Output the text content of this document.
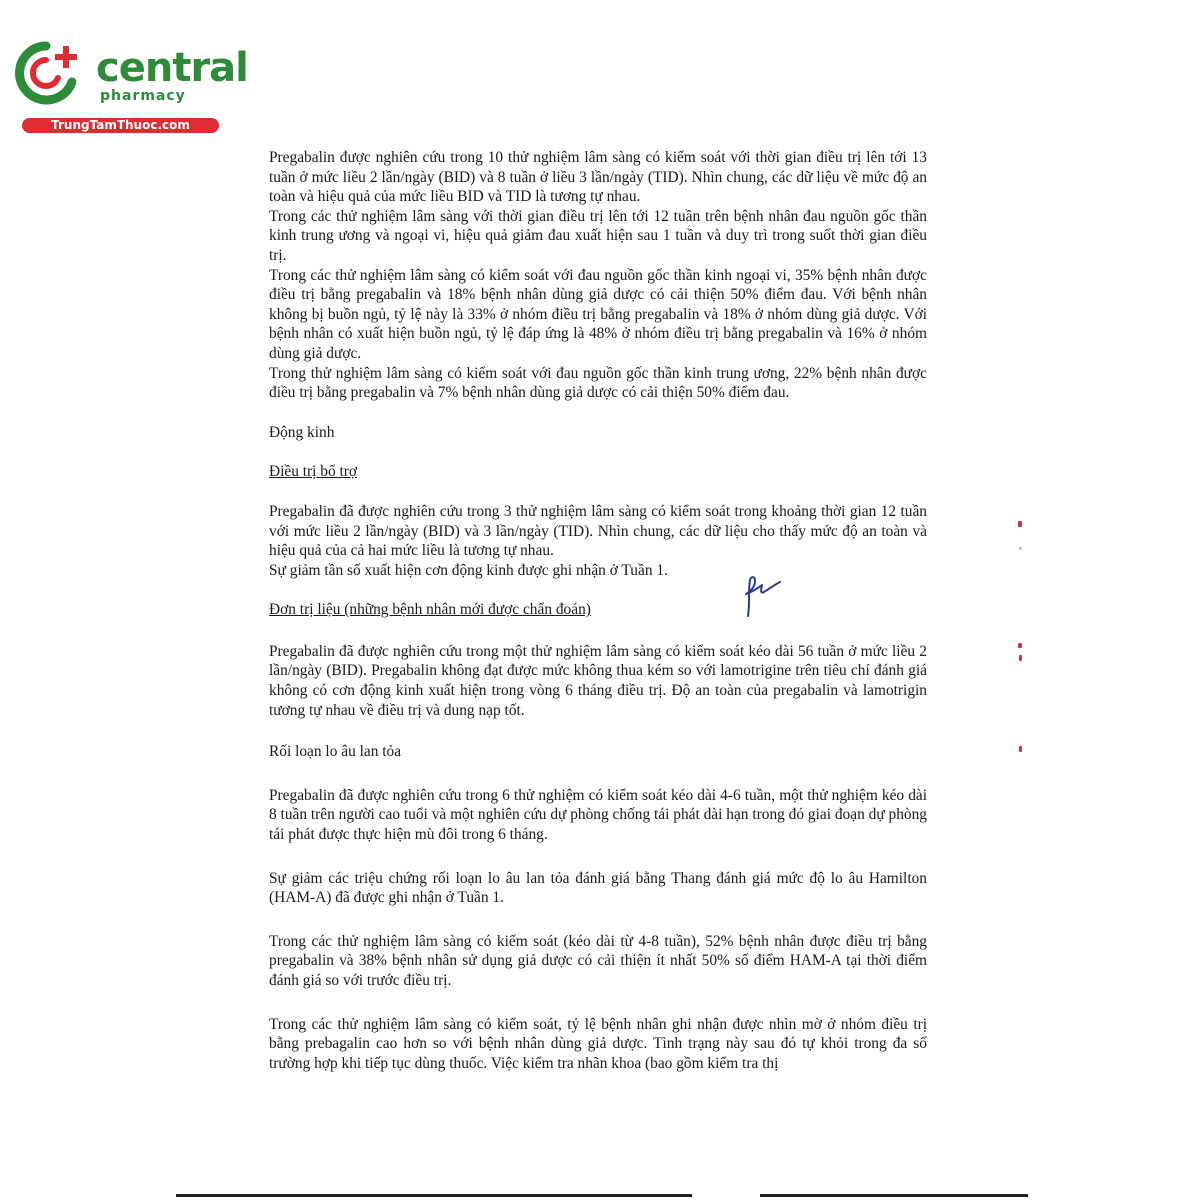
central
pharmacy
TrungTamThuoc.com

Pregabalin được nghiên cứu trong 10 thử nghiệm lâm sàng có kiểm soát với thời gian điều trị lên tới 13 tuần ở mức liều 2 lần/ngày (BID) và 8 tuần ở liều 3 lần/ngày (TID). Nhìn chung, các dữ liệu về mức độ an toàn và hiệu quả của mức liều BID và TID là tương tự nhau.

Trong các thử nghiệm lâm sàng với thời gian điều trị lên tới 12 tuần trên bệnh nhân đau nguồn gốc thần kinh trung ương và ngoại vi, hiệu quả giảm đau xuất hiện sau 1 tuần và duy trì trong suốt thời gian điều trị.

Trong các thử nghiệm lâm sàng có kiểm soát với đau nguồn gốc thần kinh ngoại vi, 35% bệnh nhân được điều trị bằng pregabalin và 18% bệnh nhân dùng giả dược có cải thiện 50% điểm đau. Với bệnh nhân không bị buồn ngủ, tỷ lệ này là 33% ở nhóm điều trị bằng pregabalin và 18% ở nhóm dùng giả dược. Với bệnh nhân có xuất hiện buồn ngủ, tỷ lệ đáp ứng là 48% ở nhóm điều trị bằng pregabalin và 16% ở nhóm dùng giả dược.

Trong thử nghiệm lâm sàng có kiểm soát với đau nguồn gốc thần kinh trung ương, 22% bệnh nhân được điều trị bằng pregabalin và 7% bệnh nhân dùng giả dược có cải thiện 50% điểm đau.

Động kinh

Điều trị bổ trợ

Pregabalin đã được nghiên cứu trong 3 thử nghiệm lâm sàng có kiểm soát trong khoảng thời gian 12 tuần với mức liều 2 lần/ngày (BID) và 3 lần/ngày (TID). Nhìn chung, các dữ liệu cho thấy mức độ an toàn và hiệu quả của cả hai mức liều là tương tự nhau.

Sự giảm tần số xuất hiện cơn động kinh được ghi nhận ở Tuần 1.

Đơn trị liệu (những bệnh nhân mới được chẩn đoán)

Pregabalin đã được nghiên cứu trong một thử nghiệm lâm sàng có kiểm soát kéo dài 56 tuần ở mức liều 2 lần/ngày (BID). Pregabalin không đạt được mức không thua kém so với lamotrigine trên tiêu chí đánh giá không có cơn động kinh xuất hiện trong vòng 6 tháng điều trị. Độ an toàn của pregabalin và lamotrigin tương tự nhau về điều trị và dung nạp tốt.

Rối loạn lo âu lan tỏa

Pregabalin đã được nghiên cứu trong 6 thử nghiệm có kiểm soát kéo dài 4-6 tuần, một thử nghiệm kéo dài 8 tuần trên người cao tuổi và một nghiên cứu dự phòng chống tái phát dài hạn trong đó giai đoạn dự phòng tái phát được thực hiện mù đôi trong 6 tháng.

Sự giảm các triệu chứng rối loạn lo âu lan tỏa đánh giá bằng Thang đánh giá mức độ lo âu Hamilton (HAM-A) đã được ghi nhận ở Tuần 1.

Trong các thử nghiệm lâm sàng có kiểm soát (kéo dài từ 4-8 tuần), 52% bệnh nhân được điều trị bằng pregabalin và 38% bệnh nhân sử dụng giả dược có cải thiện ít nhất 50% số điểm HAM-A tại thời điểm đánh giá so với trước điều trị.

Trong các thử nghiệm lâm sàng có kiểm soát, tỷ lệ bệnh nhân ghi nhận được nhìn mờ ở nhóm điều trị bằng prebagalin cao hơn so với bệnh nhân dùng giả dược. Tình trạng này sau đó tự khỏi trong đa số trường hợp khi tiếp tục dùng thuốc. Việc kiểm tra nhãn khoa (bao gồm kiểm tra thị
